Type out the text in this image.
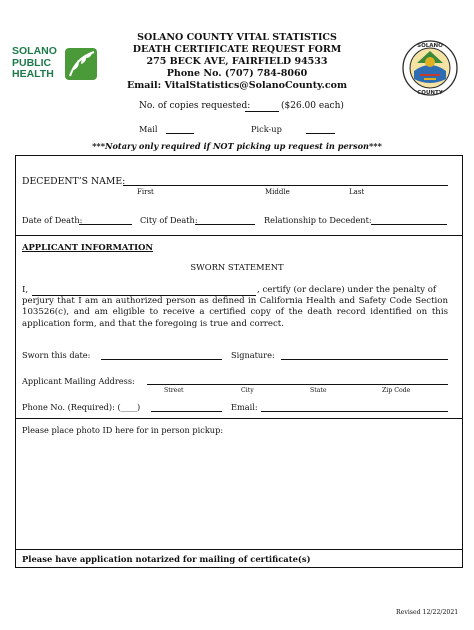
SOLANO
PUBLIC
HEALTH
SOLANO
COUNTY
SOLANO COUNTY VITAL STATISTICS
DEATH CERTIFICATE REQUEST FORM
275 BECK AVE, FAIRFIELD 94533
Phone No. (707) 784-8060
Email: VitalStatistics@SolanoCounty.com
No. of copies requested:	($26.00 each)
Mail	Pick-up
***Notary only required if NOT picking up request in person***
DECEDENT’S NAME:
First	Middle	Last
Date of Death:	City of Death:	Relationship to Decedent:
APPLICANT INFORMATION
SWORN STATEMENT
I,	, certify (or declare) under the penalty of
perjury that I am an authorized person as defined in California Health and Safety Code Section 103526(c), and am eligible to receive a certified copy of the death record identified on this application form, and that the foregoing is true and correct.
Sworn this date:	Signature:
Applicant Mailing Address:
Street	City	State	Zip Code
Phone No. (Required): (____)	Email:
Please place photo ID here for in person pickup:
Please have application notarized for mailing of certificate(s)
Revised 12/22/2021
